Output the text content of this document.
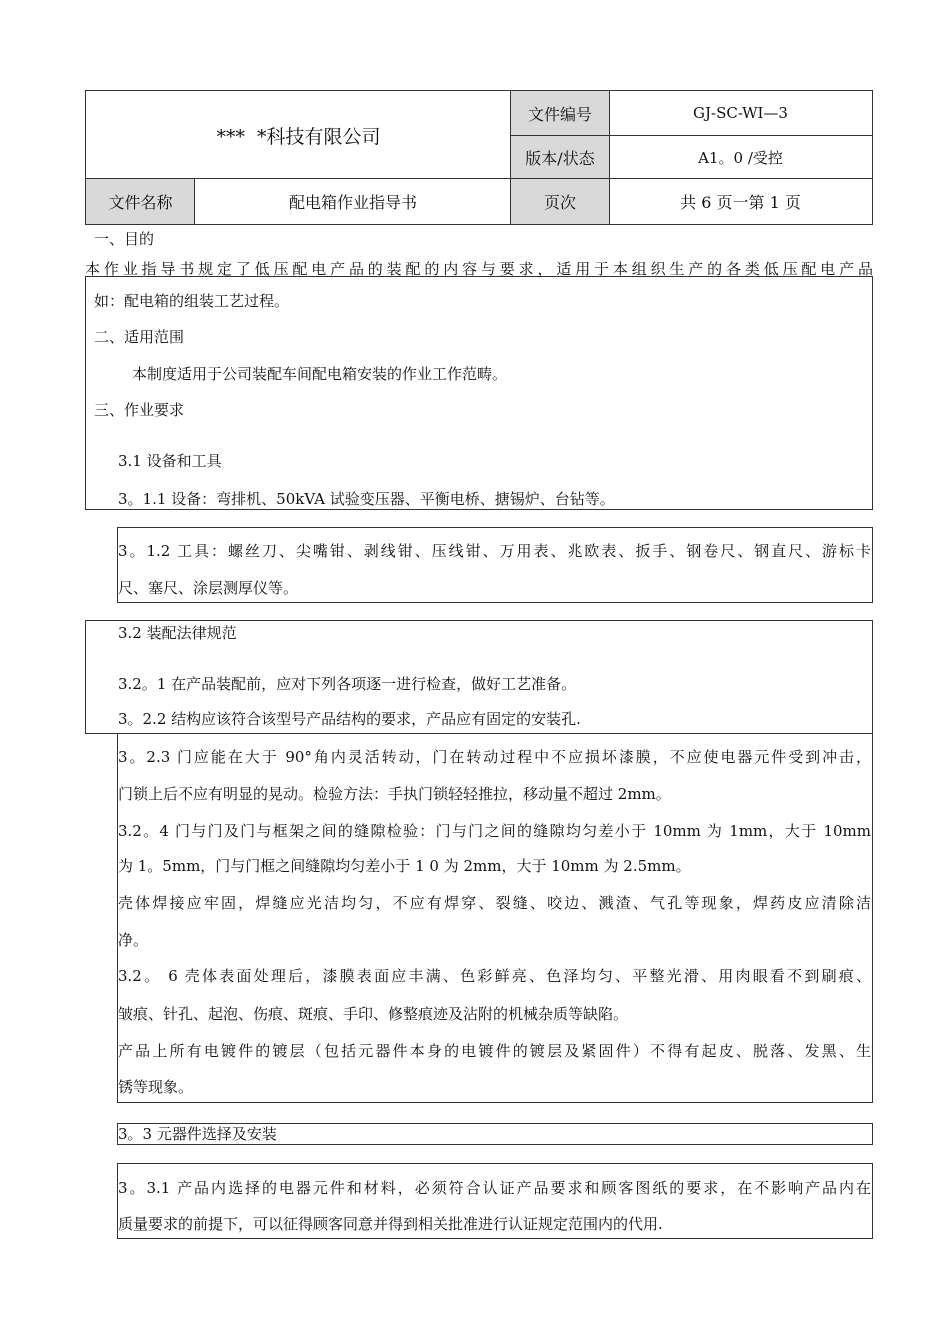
文件编号
版本/状态
文件名称	页次
***  *科技有限公司
GJ-SC-WI—3
A1。0 /受控
配电箱作业指导书	共 6 页一第 1 页
一、目的
本作业指导书规定了低压配电产品的装配的内容与要求，适用于本组织生产的各类低压配电产品
如：配电箱的组装工艺过程。
二、适用范围
本制度适用于公司装配车间配电箱安装的作业工作范畴。
三、作业要求
3.1 设备和工具
3。1.1 设备：弯排机、50kVA 试验变压器、平衡电桥、搪锡炉、台钻等。
3。1.2 工具：螺丝刀、尖嘴钳、剥线钳、压线钳、万用表、兆欧表、扳手、钢卷尺、钢直尺、游标卡
尺、塞尺、涂层测厚仪等。
3.2 装配法律规范
3.2。1 在产品装配前，应对下列各项逐一进行检查，做好工艺准备。
3。2.2 结构应该符合该型号产品结构的要求，产品应有固定的安装孔.
3。2.3 门应能在大于 90°角内灵活转动，门在转动过程中不应损坏漆膜，不应使电器元件受到冲击，
门锁上后不应有明显的晃动。检验方法：手执门锁轻轻推拉，移动量不超过 2mm。
3.2。4 门与门及门与框架之间的缝隙检验：门与门之间的缝隙均匀差小于 10mm 为 1mm，大于 10mm
为 1。5mm，门与门框之间缝隙均匀差小于 1 0 为 2mm，大于 10mm 为 2.5mm。
壳体焊接应牢固，焊缝应光洁均匀，不应有焊穿、裂缝、咬边、溅渣、气孔等现象，焊药皮应清除洁
净。
3.2。 6 壳体表面处理后，漆膜表面应丰满、色彩鲜亮、色泽均匀、平整光滑、用肉眼看不到刷痕、
皱痕、针孔、起泡、伤痕、斑痕、手印、修整痕迹及沾附的机械杂质等缺陷。
产品上所有电镀件的镀层（包括元器件本身的电镀件的镀层及紧固件）不得有起皮、脱落、发黑、生
锈等现象。
3。3 元器件选择及安装
3。3.1 产品内选择的电器元件和材料，必须符合认证产品要求和顾客图纸的要求，在不影响产品内在
质量要求的前提下，可以征得顾客同意并得到相关批准进行认证规定范围内的代用.
